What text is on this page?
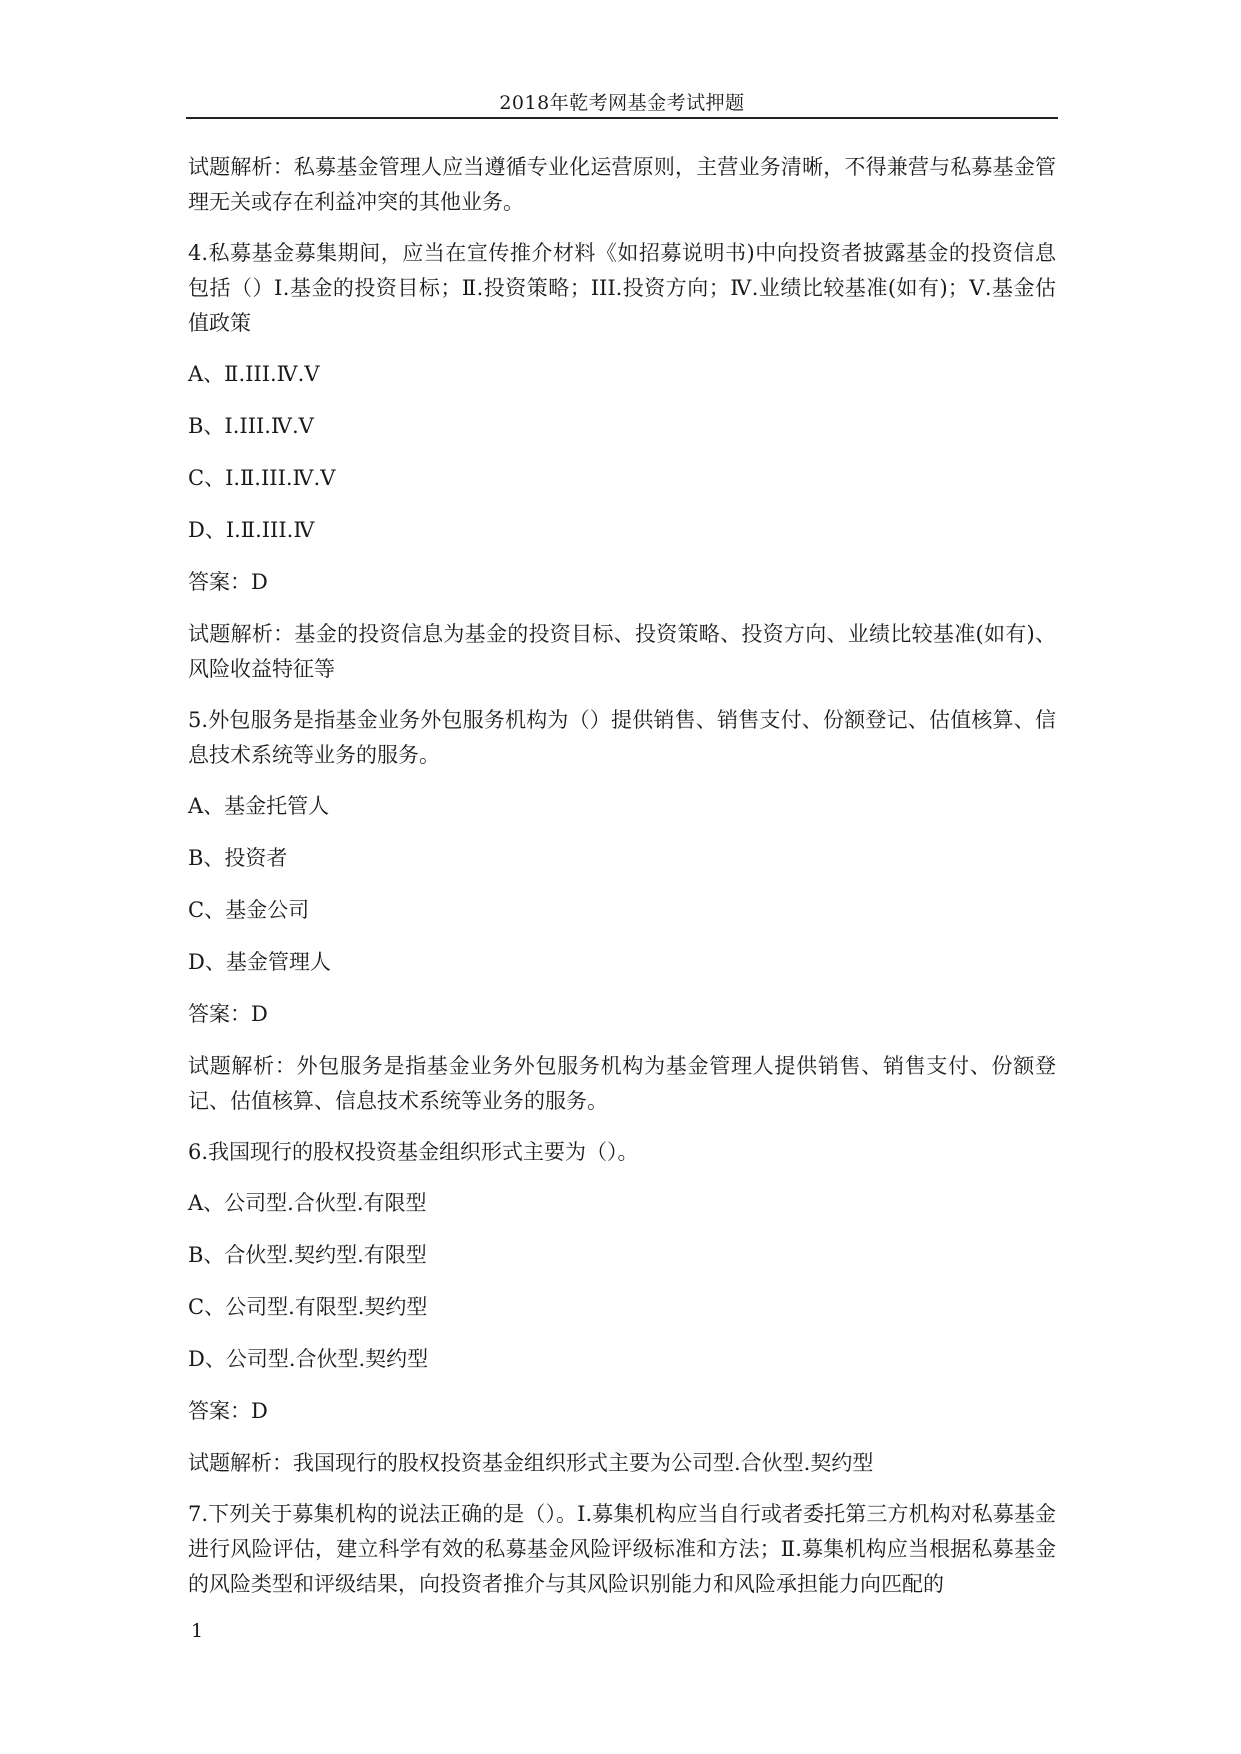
2018年乾考网基金考试押题
试题解析：私募基金管理人应当遵循专业化运营原则，主营业务清晰，不得兼营与私募基金管理无关或存在利益冲突的其他业务。
4.私募基金募集期间，应当在宣传推介材料《如招募说明书)中向投资者披露基金的投资信息包括（）Ⅰ.基金的投资目标；Ⅱ.投资策略；III.投资方向；Ⅳ.业绩比较基准(如有)；Ⅴ.基金估值政策
A、Ⅱ.III.Ⅳ.Ⅴ
B、Ⅰ.III.Ⅳ.Ⅴ
C、Ⅰ.Ⅱ.III.Ⅳ.Ⅴ
D、Ⅰ.Ⅱ.III.Ⅳ
答案：D
试题解析：基金的投资信息为基金的投资目标、投资策略、投资方向、业绩比较基准(如有)、风险收益特征等
5.外包服务是指基金业务外包服务机构为（）提供销售、销售支付、份额登记、估值核算、信息技术系统等业务的服务。
A、基金托管人
B、投资者
C、基金公司
D、基金管理人
答案：D
试题解析：外包服务是指基金业务外包服务机构为基金管理人提供销售、销售支付、份额登记、估值核算、信息技术系统等业务的服务。
6.我国现行的股权投资基金组织形式主要为（）。
A、公司型.合伙型.有限型
B、合伙型.契约型.有限型
C、公司型.有限型.契约型
D、公司型.合伙型.契约型
答案：D
试题解析：我国现行的股权投资基金组织形式主要为公司型.合伙型.契约型
7.下列关于募集机构的说法正确的是（）。Ⅰ.募集机构应当自行或者委托第三方机构对私募基金进行风险评估，建立科学有效的私募基金风险评级标准和方法；Ⅱ.募集机构应当根据私募基金的风险类型和评级结果，向投资者推介与其风险识别能力和风险承担能力向匹配的
1
